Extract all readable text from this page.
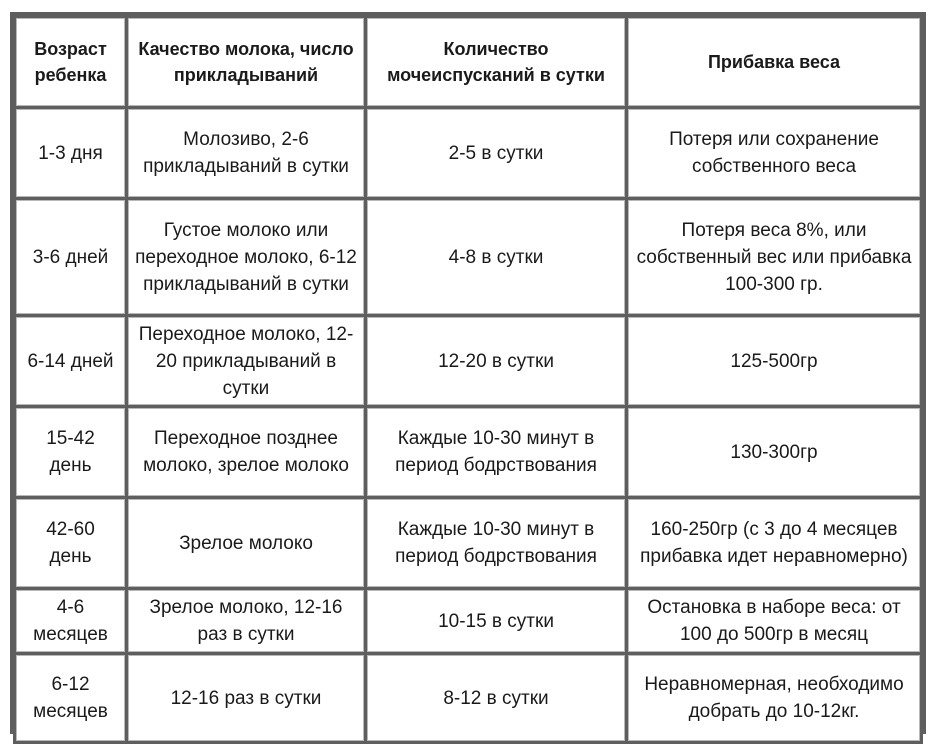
Возраст ребенка	Качество молока, число прикладываний	Количество мочеиспусканий в сутки	Прибавка веса
1-3 дня	Молозиво, 2-6 прикладываний в сутки	2-5 в сутки	Потеря или сохранение собственного веса
3-6 дней	Густое молоко или переходное молоко, 6-12 прикладываний в сутки	4-8 в сутки	Потеря веса 8%, или собственный вес или прибавка 100-300 гр.
6-14 дней	Переходное молоко, 12-20 прикладываний в сутки	12-20 в сутки	125-500гр
15-42 день	Переходное позднее молоко, зрелое молоко	Каждые 10-30 минут в период бодрствования	130-300гр
42-60 день	Зрелое молоко	Каждые 10-30 минут в период бодрствования	160-250гр (с 3 до 4 месяцев прибавка идет неравномерно)
4-6 месяцев	Зрелое молоко, 12-16 раз в сутки	10-15 в сутки	Остановка в наборе веса: от 100 до 500гр в месяц
6-12 месяцев	12-16 раз в сутки	8-12 в сутки	Неравномерная, необходимо добрать до 10-12кг.
